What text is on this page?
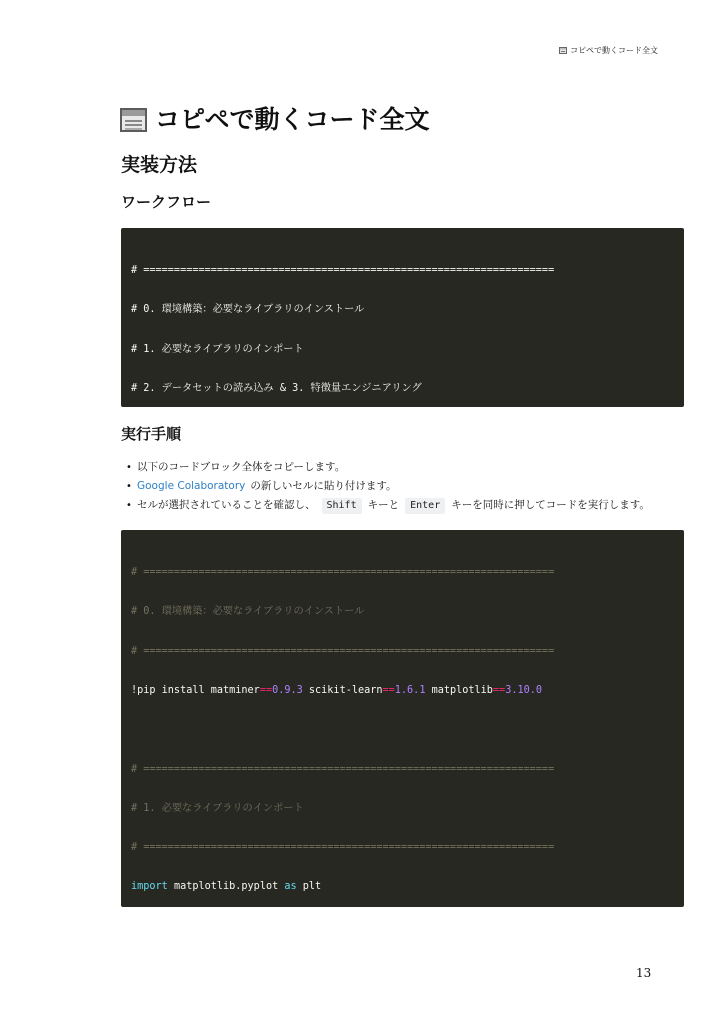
コピペで動くコード全文
コピペで動くコード全文
実装方法
ワークフロー

# ===================================================================

# 0. 環境構築：必要なライブラリのインストール

# 1. 必要なライブラリのインポート

# 2. データセットの読み込み & 3. 特徴量エンジニアリング

実行手順
• 以下のコードブロック全体をコピーします。
• Google Colaboratory の新しいセルに貼り付けます。
• セルが選択されていることを確認し、	Shift	キーと	Enter	キーを同時に押してコードを実行します。

# ===================================================================

# 0. 環境構築：必要なライブラリのインストール

# ===================================================================

!pip install matminer==0.9.3 scikit-learn==1.6.1 matplotlib==3.10.0

# ===================================================================

# 1. 必要なライブラリのインポート

# ===================================================================

import matplotlib.pyplot as plt

13
